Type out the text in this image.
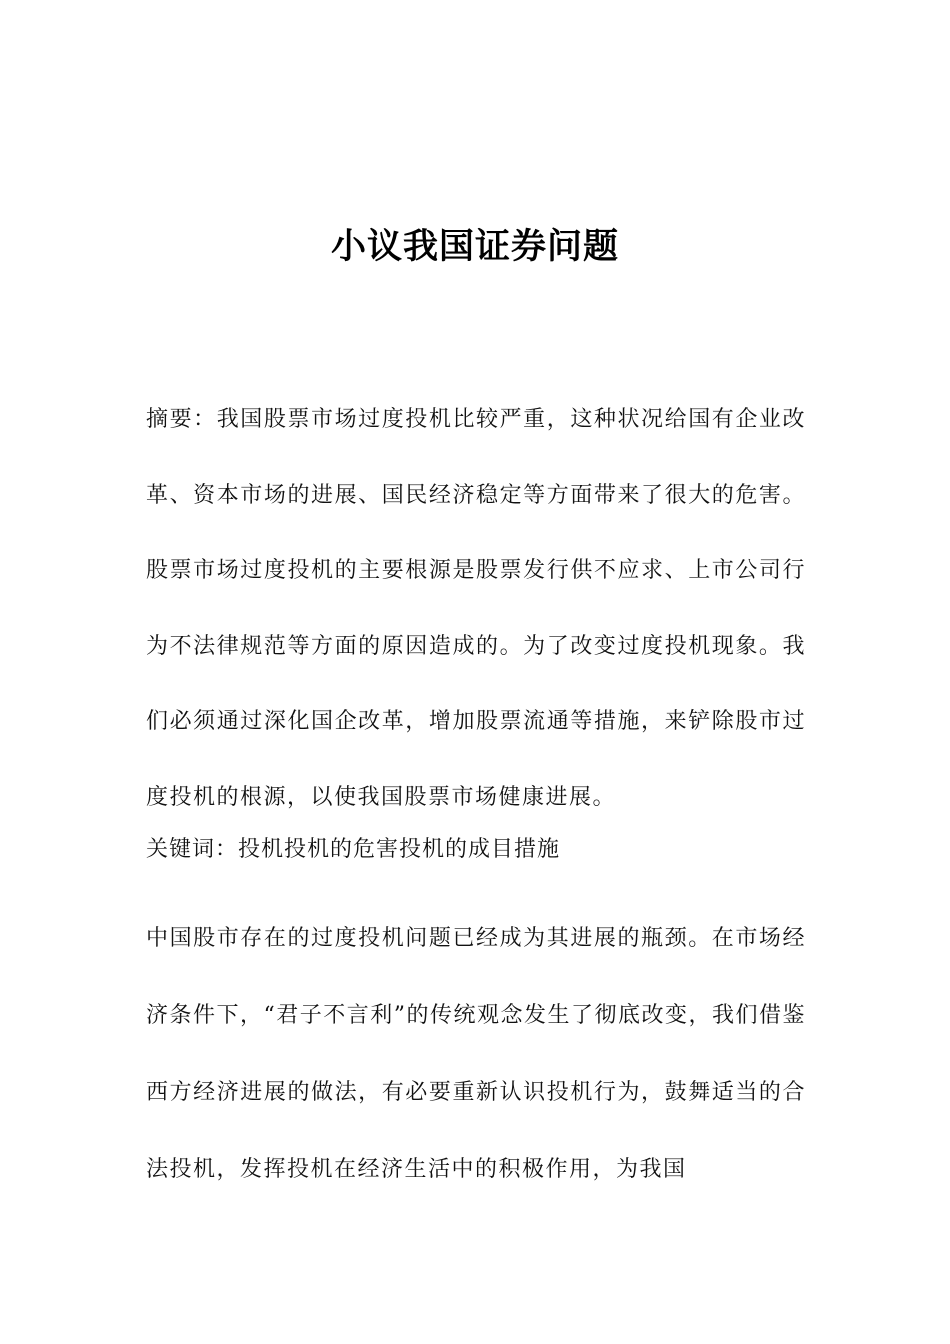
小议我国证券问题

摘要：我国股票市场过度投机比较严重，这种状况给国有企业改革、资本市场的进展、国民经济稳定等方面带来了很大的危害。股票市场过度投机的主要根源是股票发行供不应求、上市公司行为不法律规范等方面的原因造成的。为了改变过度投机现象。我们必须通过深化国企改革，增加股票流通等措施，来铲除股市过度投机的根源，以使我国股票市场健康进展。

关键词：投机投机的危害投机的成目措施

中国股市存在的过度投机问题已经成为其进展的瓶颈。在市场经济条件下，“君子不言利”的传统观念发生了彻底改变，我们借鉴西方经济进展的做法，有必要重新认识投机行为，鼓舞适当的合法投机，发挥投机在经济生活中的积极作用，为我国
